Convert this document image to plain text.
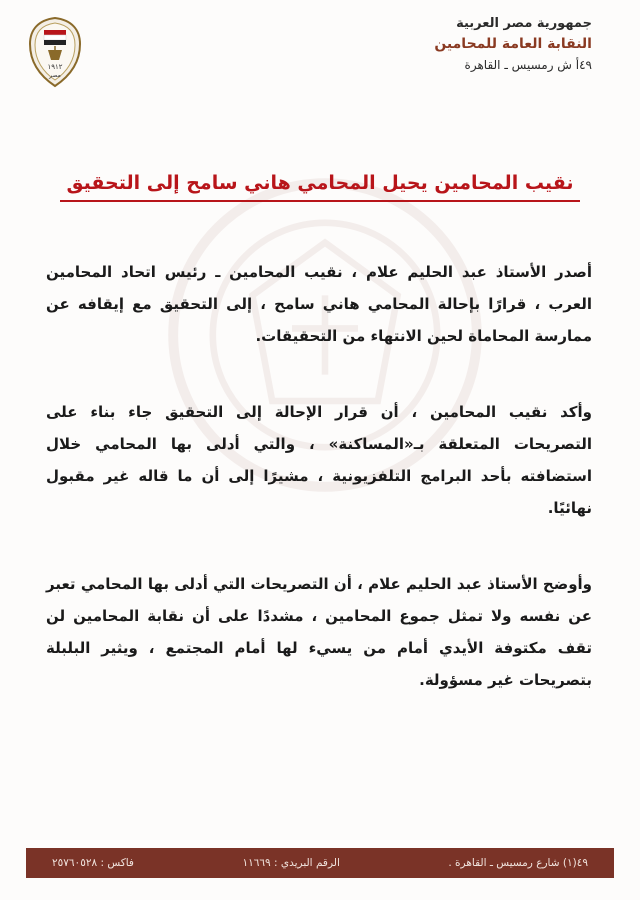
جمهورية مصر العربية
النقابة العامة للمحامين
٤٩أ ش رمسيس ـ القاهرة
١٩١٢
مصر
نقيب المحامين يحيل المحامي هاني سامح إلى التحقيق

أصدر الأستاذ عبد الحليم علام ، نقيب المحامين ـ رئيس اتحاد المحامين العرب ، قرارًا بإحالة المحامي هاني سامح ، إلى التحقيق مع إيقافه عن ممارسة المحاماة لحين الانتهاء من التحقيقات.

وأكد نقيب المحامين ، أن قرار الإحالة إلى التحقيق جاء بناء على التصريحات المتعلقة بـ«المساكنة» ، والتي أدلى بها المحامي خلال استضافته بأحد البرامج التلفزيونية ، مشيرًا إلى أن ما قاله غير مقبول نهائيًا.

وأوضح الأستاذ عبد الحليم علام ، أن التصريحات التي أدلى بها المحامي تعبر عن نفسه ولا تمثل جموع المحامين ، مشددًا على أن نقابة المحامين لن تقف مكتوفة الأيدي أمام من يسيء لها أمام المجتمع ، ويثير البلبلة بتصريحات غير مسؤولة.

٤٩(١) شارع رمسيس ـ القاهرة .
الرقم البريدي : ١١٦٦٩
فاكس : ٢٥٧٦٠٥٢٨
